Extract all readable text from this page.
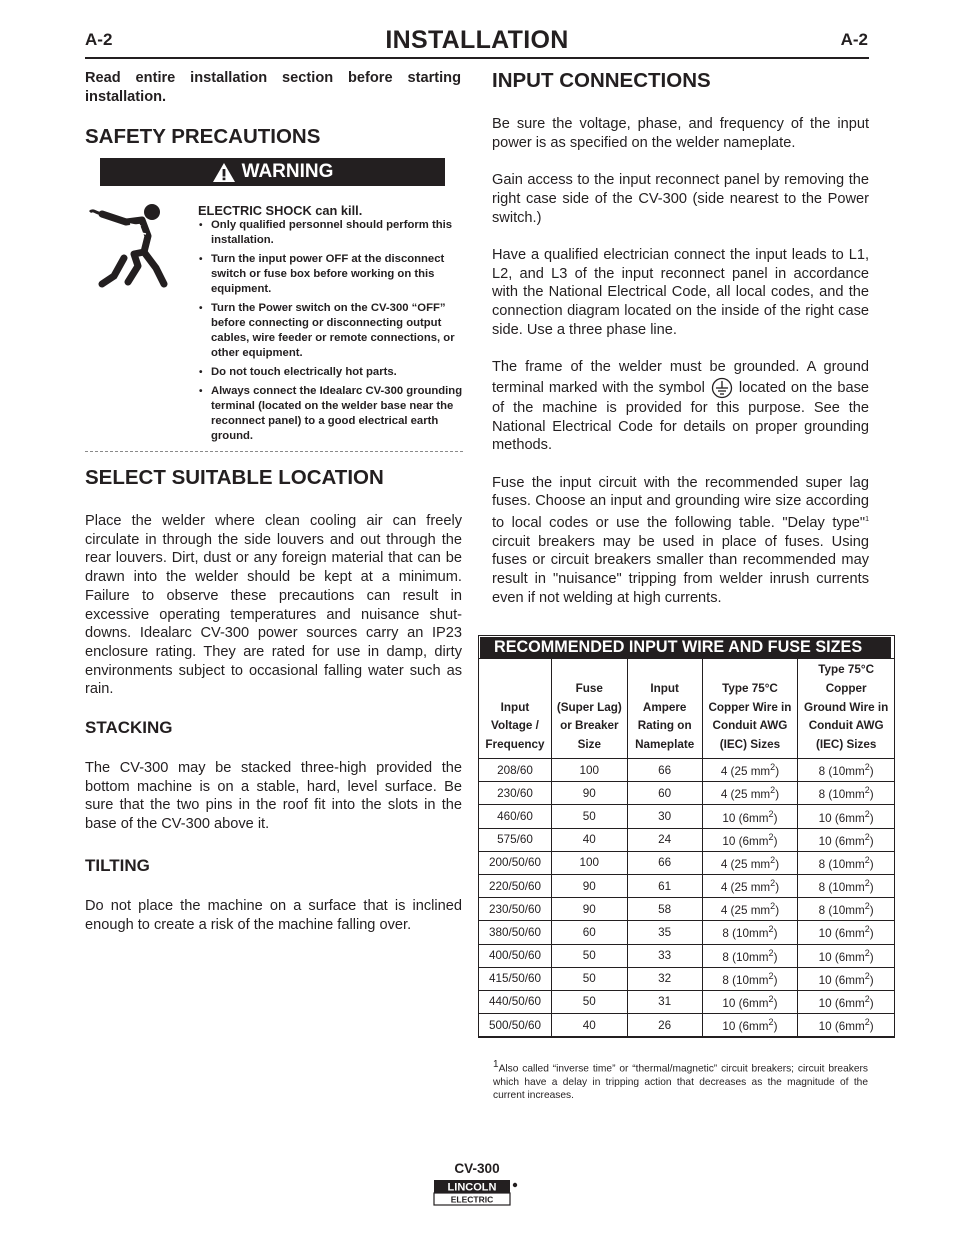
A-2	INSTALLATION	A-2

Read entire installation section before starting installation.

SAFETY PRECAUTIONS
WARNING
ELECTRIC SHOCK can kill.
• Only qualified personnel should perform this installation.
• Turn the input power OFF at the disconnect switch or fuse box before working on this equipment.
• Turn the Power switch on the CV-300 “OFF” before connecting or disconnecting output cables, wire feeder or remote connections, or other equipment.
• Do not touch electrically hot parts.
• Always connect the Idealarc CV-300 grounding terminal (located on the welder base near the reconnect panel) to a good electrical earth ground.
SELECT SUITABLE LOCATION

Place the welder where clean cooling air can freely circulate in through the side louvers and out through the rear louvers. Dirt, dust or any foreign material that can be drawn into the welder should be kept at a minimum. Failure to observe these precautions can result in excessive operating temperatures and nuisance shut-downs. Idealarc CV-300 power sources carry an IP23 enclosure rating. They are rated for use in damp, dirty environments subject to occasional falling water such as rain.

STACKING

The CV-300 may be stacked three-high provided the bottom machine is on a stable, hard, level surface. Be sure that the two pins in the roof fit into the slots in the base of the CV-300 above it.

TILTING

Do not place the machine on a surface that is inclined enough to create a risk of the machine falling over.

INPUT CONNECTIONS

Be sure the voltage, phase, and frequency of the input power is as specified on the welder nameplate.

Gain access to the input reconnect panel by removing the right case side of the CV-300 (side nearest to the Power switch.)

Have a qualified electrician connect the input leads to L1, L2, and L3 of the input reconnect panel in accordance with the National Electrical Code, all local codes, and the connection diagram located on the inside of the right case side. Use a three phase line.

The frame of the welder must be grounded. A ground terminal marked with the symbol located on the base of the machine is provided for this purpose. See the National Electrical Code for details on proper grounding methods.

Fuse the input circuit with the recommended super lag fuses. Choose an input and grounding wire size according to local codes or use the following table. "Delay type"$^1$ circuit breakers may be used in place of fuses. Using fuses or circuit breakers smaller than recommended may result in "nuisance" tripping from welder inrush currents even if not welding at high currents.

RECOMMENDED INPUT WIRE AND FUSE SIZES
Input
Voltage /
Frequency	Fuse
(Super Lag)
or Breaker
Size	Input
Ampere
Rating on
Nameplate	Type 75°C
Copper Wire in
Conduit AWG
(IEC) Sizes	Type 75°C
Copper
Ground Wire in
Conduit AWG
(IEC) Sizes
208/60	100	66	4 (25 $mm^2$)	8 $(10mm^2)$
230/60	90	60	4 (25 $mm^2$)	8 $(10mm^2)$
460/60	50	30	10 $(6mm^2)$	10 $(6mm^2)$
575/60	40	24	10 $(6mm^2)$	10 $(6mm^2)$
200/50/60	100	66	4 (25 $mm^2$)	8 $(10mm^2)$
220/50/60	90	61	4 (25 $mm^2$)	8 $(10mm^2)$
230/50/60	90	58	4 (25 $mm^2$)	8 $(10mm^2)$
380/50/60	60	35	8 $(10mm^2)$	10 $(6mm^2)$
400/50/60	50	33	8 $(10mm^2)$	10 $(6mm^2)$
415/50/60	50	32	8 $(10mm^2)$	10 $(6mm^2)$
440/50/60	50	31	10 $(6mm^2)$	10 $(6mm^2)$
500/50/60	40	26	10 $(6mm^2)$	10 $(6mm^2)$
$^1$Also called “inverse time” or “thermal/magnetic” circuit breakers; circuit breakers which have a delay in tripping action that decreases as the magnitude of the current increases.
CV-300
LINCOLN
ELECTRIC
